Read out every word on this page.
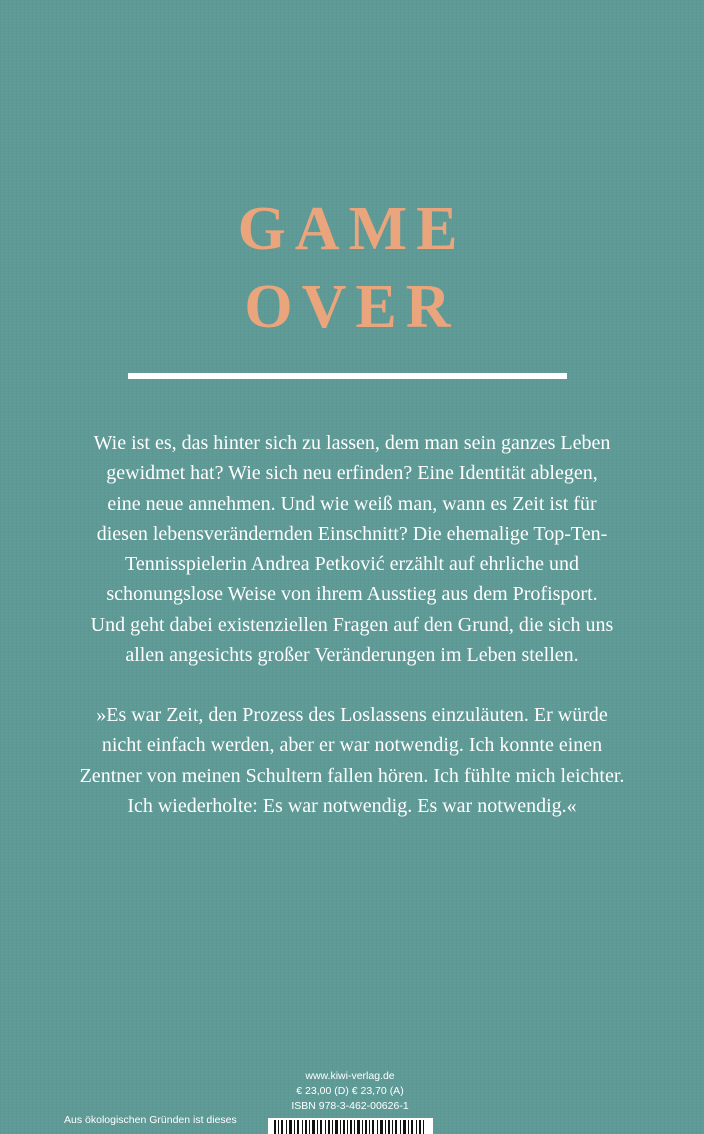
GAME
OVER

Wie ist es, das hinter sich zu lassen, dem man sein ganzes Leben
gewidmet hat? Wie sich neu erfinden? Eine Identität ablegen,
eine neue annehmen. Und wie weiß man, wann es Zeit ist für
diesen lebensverändernden Einschnitt? Die ehemalige Top-Ten-
Tennisspielerin Andrea Petković erzählt auf ehrliche und
schonungslose Weise von ihrem Ausstieg aus dem Profisport.
Und geht dabei existenziellen Fragen auf den Grund, die sich uns
allen angesichts großer Veränderungen im Leben stellen.

»Es war Zeit, den Prozess des Loslassens einzuläuten. Er würde
nicht einfach werden, aber er war notwendig. Ich konnte einen
Zentner von meinen Schultern fallen hören. Ich fühlte mich leichter.
Ich wiederholte: Es war notwendig. Es war notwendig.«

www.kiwi-verlag.de
€ 23,00 (D) € 23,70 (A)
ISBN 978-3-462-00626-1
Aus ökologischen Gründen ist dieses
